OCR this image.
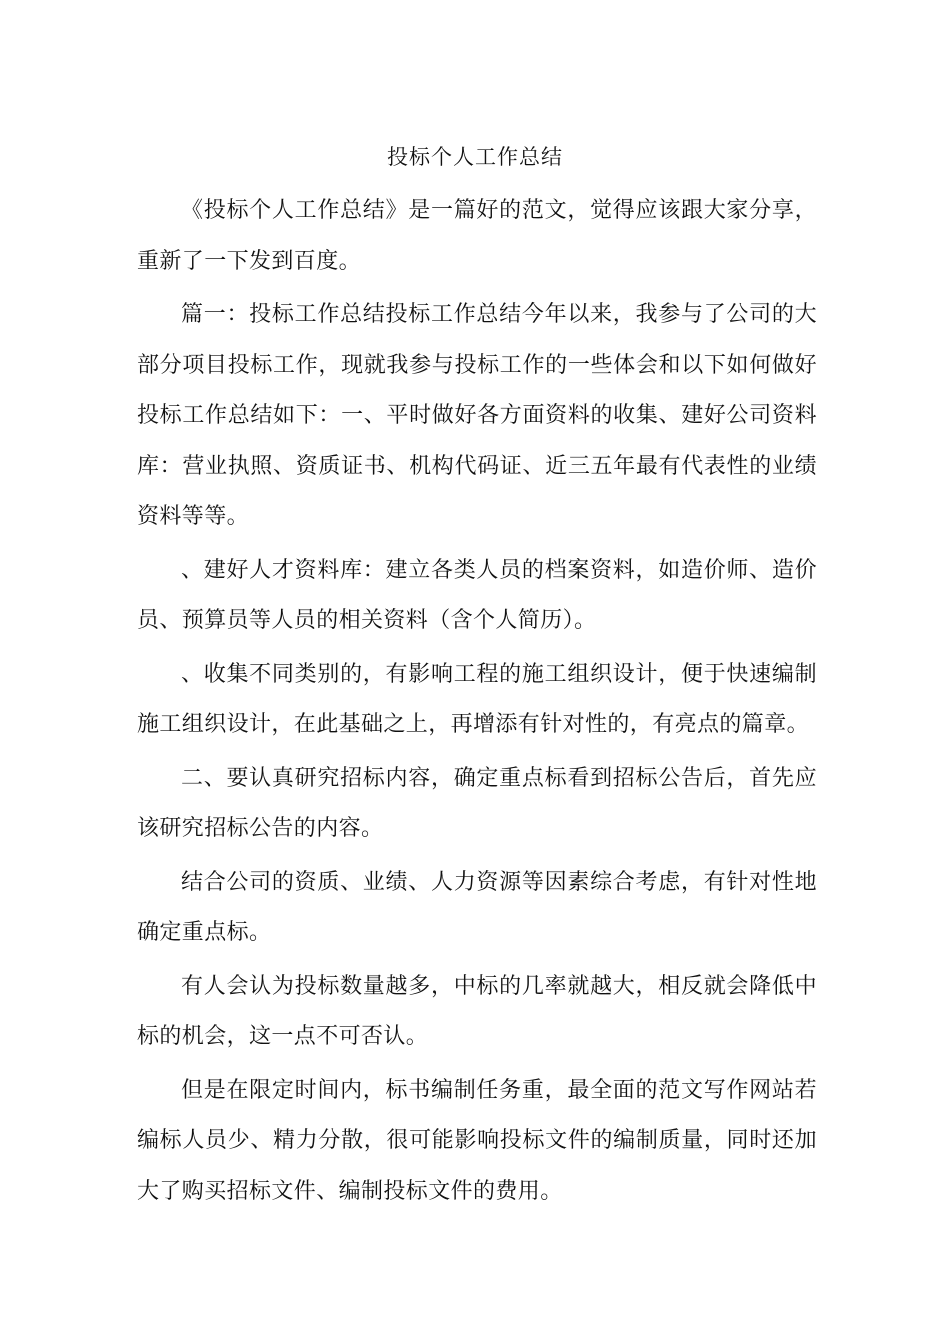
投标个人工作总结

《投标个人工作总结》是一篇好的范文，觉得应该跟大家分享，重新了一下发到百度。

篇一：投标工作总结投标工作总结今年以来，我参与了公司的大部分项目投标工作，现就我参与投标工作的一些体会和以下如何做好投标工作总结如下：一、平时做好各方面资料的收集、建好公司资料库：营业执照、资质证书、机构代码证、近三五年最有代表性的业绩资料等等。

、建好人才资料库：建立各类人员的档案资料，如造价师、造价员、预算员等人员的相关资料（含个人简历）。

、收集不同类别的，有影响工程的施工组织设计，便于快速编制施工组织设计，在此基础之上，再增添有针对性的，有亮点的篇章。

二、要认真研究招标内容，确定重点标看到招标公告后，首先应该研究招标公告的内容。

结合公司的资质、业绩、人力资源等因素综合考虑，有针对性地确定重点标。

有人会认为投标数量越多，中标的几率就越大，相反就会降低中标的机会，这一点不可否认。

但是在限定时间内，标书编制任务重，最全面的范文写作网站若编标人员少、精力分散，很可能影响投标文件的编制质量，同时还加大了购买招标文件、编制投标文件的费用。
